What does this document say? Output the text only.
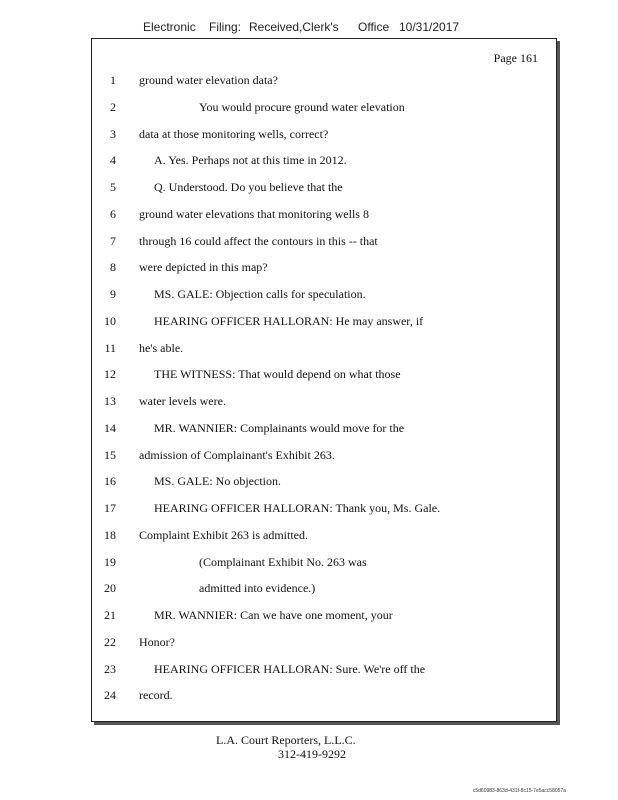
Electronic Filing: Received,Clerk's Office 10/31/2017
Page 161
1 ground water elevation data?
2	You would procure ground water elevation
3 data at those monitoring wells, correct?
4	A. Yes. Perhaps not at this time in 2012.
5	Q. Understood. Do you believe that the
6 ground water elevations that monitoring wells 8
7 through 16 could affect the contours in this -- that
8 were depicted in this map?
9	MS. GALE: Objection calls for speculation.
10	HEARING OFFICER HALLORAN: He may answer, if
11 he's able.
12	THE WITNESS: That would depend on what those
13 water levels were.
14	MR. WANNIER: Complainants would move for the
15 admission of Complainant's Exhibit 263.
16	MS. GALE: No objection.
17	HEARING OFFICER HALLORAN: Thank you, Ms. Gale.
18 Complaint Exhibit 263 is admitted.
19	(Complainant Exhibit No. 263 was
20	admitted into evidence.)
21	MR. WANNIER: Can we have one moment, your
22 Honor?
23	HEARING OFFICER HALLORAN: Sure. We're off the
24 record.
L.A. Court Reporters, L.L.C.
312-419-9292
c5d60983-863d-431f-8c15-7e5acc58057a
